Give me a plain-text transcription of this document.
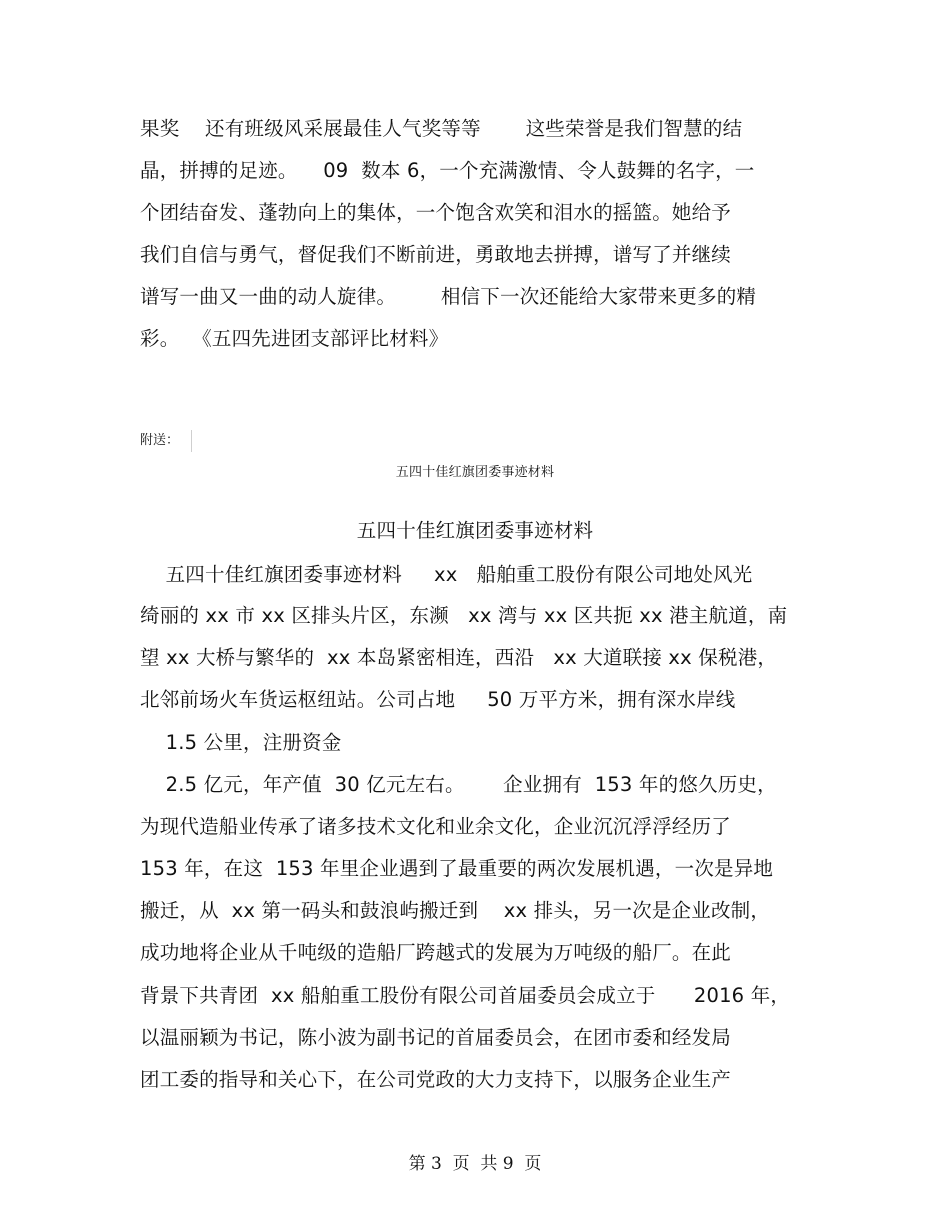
果奖    还有班级风采展最佳人气奖等等       这些荣誉是我们智慧的结
晶，拼搏的足迹。    09  数本 6，一个充满激情、令人鼓舞的名字，一
个团结奋发、蓬勃向上的集体，一个饱含欢笑和泪水的摇篮。她给予
我们自信与勇气，督促我们不断前进，勇敢地去拼搏，谱写了并继续
谱写一曲又一曲的动人旋律。       相信下一次还能给大家带来更多的精
彩。  《五四先进团支部评比材料》
附送：
五四十佳红旗团委事迹材料
五四十佳红旗团委事迹材料
五四十佳红旗团委事迹材料     xx   船舶重工股份有限公司地处风光
绮丽的 xx 市 xx 区排头片区，东濒   xx 湾与 xx 区共扼 xx 港主航道，南
望 xx 大桥与繁华的  xx 本岛紧密相连，西沿   xx 大道联接 xx 保税港，
北邻前场火车货运枢纽站。公司占地     50 万平方米，拥有深水岸线
1.5 公里，注册资金
2.5 亿元，年产值  30 亿元左右。      企业拥有  153 年的悠久历史，
为现代造船业传承了诸多技术文化和业余文化，企业沉沉浮浮经历了
153 年，在这  153 年里企业遇到了最重要的两次发展机遇，一次是异地
搬迁，从  xx 第一码头和鼓浪屿搬迁到    xx 排头，另一次是企业改制，
成功地将企业从千吨级的造船厂跨越式的发展为万吨级的船厂。在此
背景下共青团  xx 船舶重工股份有限公司首届委员会成立于      2016 年，
以温丽颖为书记，陈小波为副书记的首届委员会，在团市委和经发局
团工委的指导和关心下，在公司党政的大力支持下，以服务企业生产
第 3  页  共 9  页
